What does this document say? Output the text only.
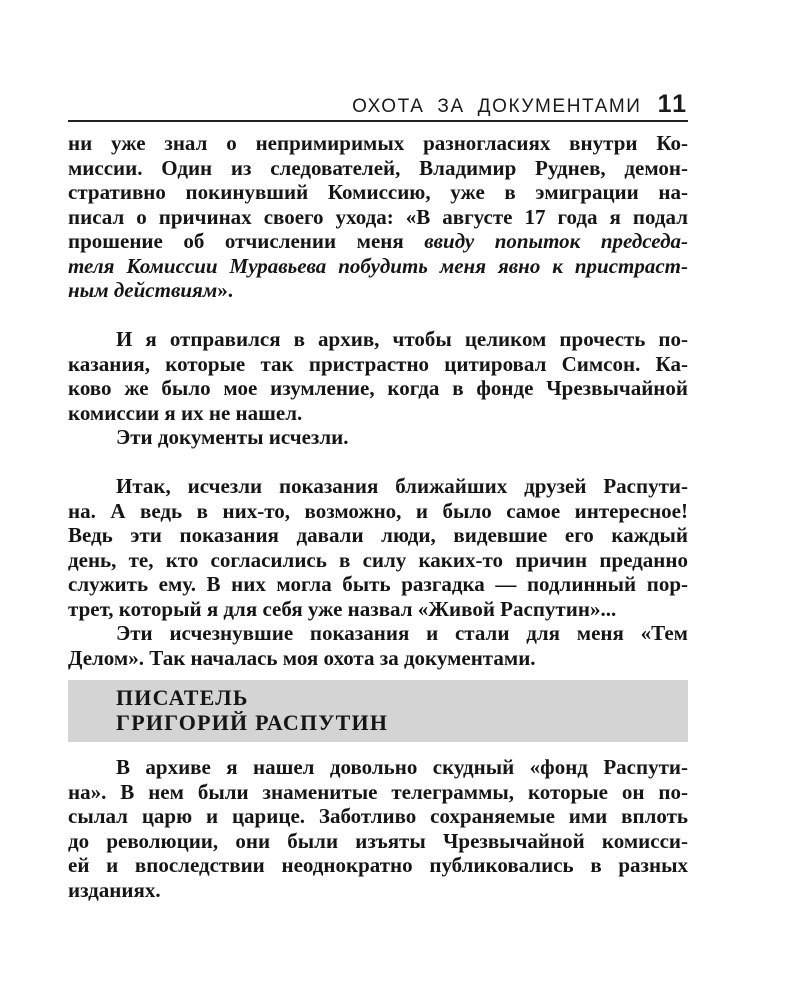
ОХОТА ЗА ДОКУМЕНТАМИ 11
ни уже знал о непримиримых разногласиях внутри Ко-
миссии. Один из следователей, Владимир Руднев, демон-
стративно покинувший Комиссию, уже в эмиграции на-
писал о причинах своего ухода: «В августе 17 года я подал
прошение об отчислении меня ввиду попыток председа-
теля Комиссии Муравьева побудить меня явно к пристраст-
ным действиям».
И я отправился в архив, чтобы целиком прочесть по-
казания, которые так пристрастно цитировал Симсон. Ка-
ково же было мое изумление, когда в фонде Чрезвычайной
комиссии я их не нашел.
Эти документы исчезли.
Итак, исчезли показания ближайших друзей Распути-
на. А ведь в них-то, возможно, и было самое интересное!
Ведь эти показания давали люди, видевшие его каждый
день, те, кто согласились в силу каких-то причин преданно
служить ему. В них могла быть разгадка — подлинный пор-
трет, который я для себя уже назвал «Живой Распутин»...
Эти исчезнувшие показания и стали для меня «Тем
Делом». Так началась моя охота за документами.
ПИСАТЕЛЬ
ГРИГОРИЙ РАСПУТИН
В архиве я нашел довольно скудный «фонд Распути-
на». В нем были знаменитые телеграммы, которые он по-
сылал царю и царице. Заботливо сохраняемые ими вплоть
до революции, они были изъяты Чрезвычайной комисси-
ей и впоследствии неоднократно публиковались в разных
изданиях.
